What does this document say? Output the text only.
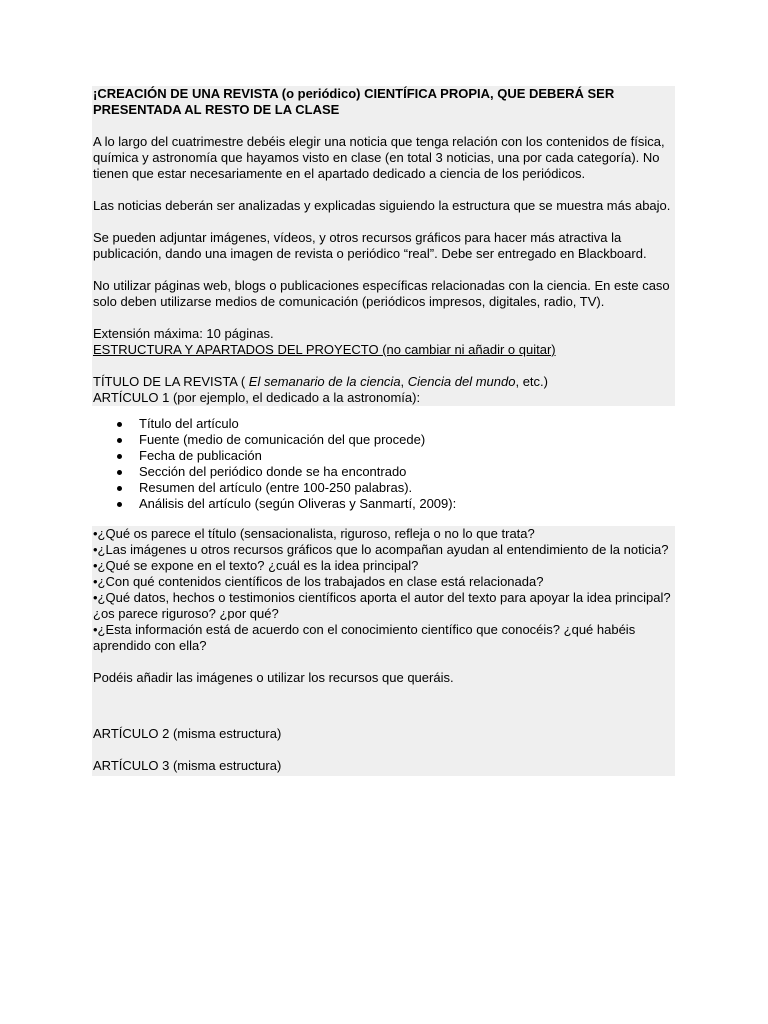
¡CREACIÓN DE UNA REVISTA (o periódico) CIENTÍFICA PROPIA, QUE DEBERÁ SER PRESENTADA AL RESTO DE LA CLASE

A lo largo del cuatrimestre debéis elegir una noticia que tenga relación con los contenidos de física, química y astronomía que hayamos visto en clase (en total 3 noticias, una por cada categoría). No tienen que estar necesariamente en el apartado dedicado a ciencia de los periódicos.

Las noticias deberán ser analizadas y explicadas siguiendo la estructura que se muestra más abajo.

Se pueden adjuntar imágenes, vídeos, y otros recursos gráficos para hacer más atractiva la publicación, dando una imagen de revista o periódico “real”. Debe ser entregado en Blackboard.

No utilizar páginas web, blogs o publicaciones específicas relacionadas con la ciencia. En este caso solo deben utilizarse medios de comunicación (periódicos impresos, digitales, radio, TV).

Extensión máxima: 10 páginas.

ESTRUCTURA Y APARTADOS DEL PROYECTO (no cambiar ni añadir o quitar)

TÍTULO DE LA REVISTA ( El semanario de la ciencia, Ciencia del mundo, etc.)

ARTÍCULO 1 (por ejemplo, el dedicado a la astronomía):

Título del artículo
Fuente (medio de comunicación del que procede)
Fecha de publicación
Sección del periódico donde se ha encontrado
Resumen del artículo (entre 100-250 palabras).
Análisis del artículo (según Oliveras y Sanmartí, 2009):

•¿Qué os parece el título (sensacionalista, riguroso, refleja o no lo que trata?

•¿Las imágenes u otros recursos gráficos que lo acompañan ayudan al entendimiento de la noticia?

•¿Qué se expone en el texto? ¿cuál es la idea principal?

•¿Con qué contenidos científicos de los trabajados en clase está relacionada?

•¿Qué datos, hechos o testimonios científicos aporta el autor del texto para apoyar la idea principal? ¿os parece riguroso? ¿por qué?

•¿Esta información está de acuerdo con el conocimiento científico que conocéis? ¿qué habéis aprendido con ella?

Podéis añadir las imágenes o utilizar los recursos que queráis.

ARTÍCULO 2 (misma estructura)

ARTÍCULO 3 (misma estructura)
